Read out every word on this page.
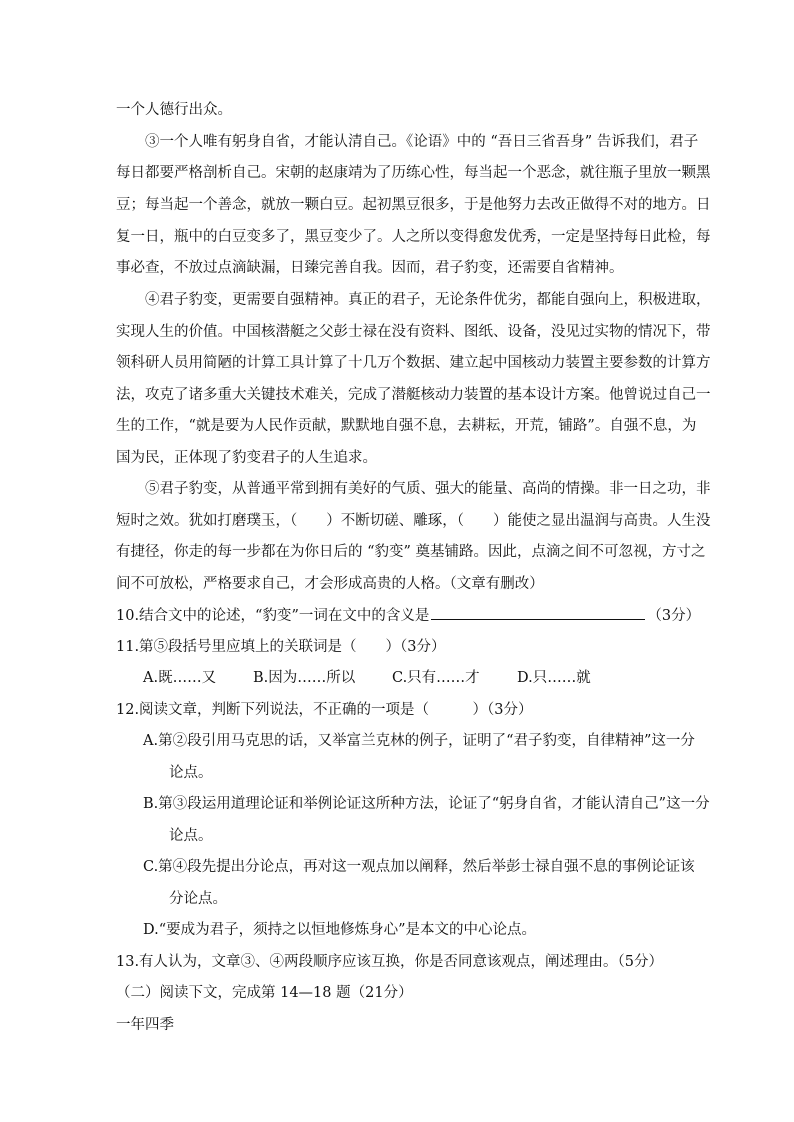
一个人德行出众。
③一个人唯有躬身自省，才能认清自己。《论语》中的 “吾日三省吾身” 告诉我们，君子
每日都要严格剖析自己。宋朝的赵康靖为了历练心性，每当起一个恶念，就往瓶子里放一颗黑
豆；每当起一个善念，就放一颗白豆。起初黑豆很多，于是他努力去改正做得不对的地方。日
复一日，瓶中的白豆变多了，黑豆变少了。人之所以变得愈发优秀，一定是坚持每日此检，每
事必查，不放过点滴缺漏，日臻完善自我。因而，君子豹变，还需要自省精神。
④君子豹变，更需要自强精神。真正的君子，无论条件优劣，都能自强向上，积极进取，
实现人生的价值。中国核潜艇之父彭士禄在没有资料、图纸、设备，没见过实物的情况下，带
领科研人员用简陋的计算工具计算了十几万个数据、建立起中国核动力装置主要参数的计算方
法，攻克了诸多重大关键技术难关，完成了潜艇核动力装置的基本设计方案。他曾说过自己一
生的工作，“就是要为人民作贡献，默默地自强不息，去耕耘，开荒，铺路”。自强不息，为
国为民，正体现了豹变君子的人生追求。
⑤君子豹变，从普通平常到拥有美好的气质、强大的能量、高尚的情操。非一日之功，非
短时之效。犹如打磨璞玉，（　　）不断切磋、雕琢，（　　）能使之显出温润与高贵。人生没
有捷径，你走的每一步都在为你日后的 “豹变” 奠基铺路。因此，点滴之间不可忽视，方寸之
间不可放松，严格要求自己，才会形成高贵的人格。（文章有删改）
10.结合文中的论述，“豹变”一词在文中的含义是	（3分）
11.第⑤段括号里应填上的关联词是（　　）（3分）
A.既……又	B.因为……所以	C.只有……才	D.只……就
12.阅读文章，判断下列说法，不正确的一项是（　　　）（3分）
A.第②段引用马克思的话，又举富兰克林的例子，证明了“君子豹变，自律精神”这一分
论点。
B.第③段运用道理论证和举例论证这所种方法，论证了“躬身自省，才能认清自己”这一分
论点。
C.第④段先提出分论点，再对这一观点加以阐释，然后举彭士禄自强不息的事例论证该
分论点。
D.“要成为君子，须持之以恒地修炼身心”是本文的中心论点。
13.有人认为，文章③、④两段顺序应该互换，你是否同意该观点，阐述理由。（5分）
（二）阅读下文，完成第 14—18 题（21分）
一年四季
